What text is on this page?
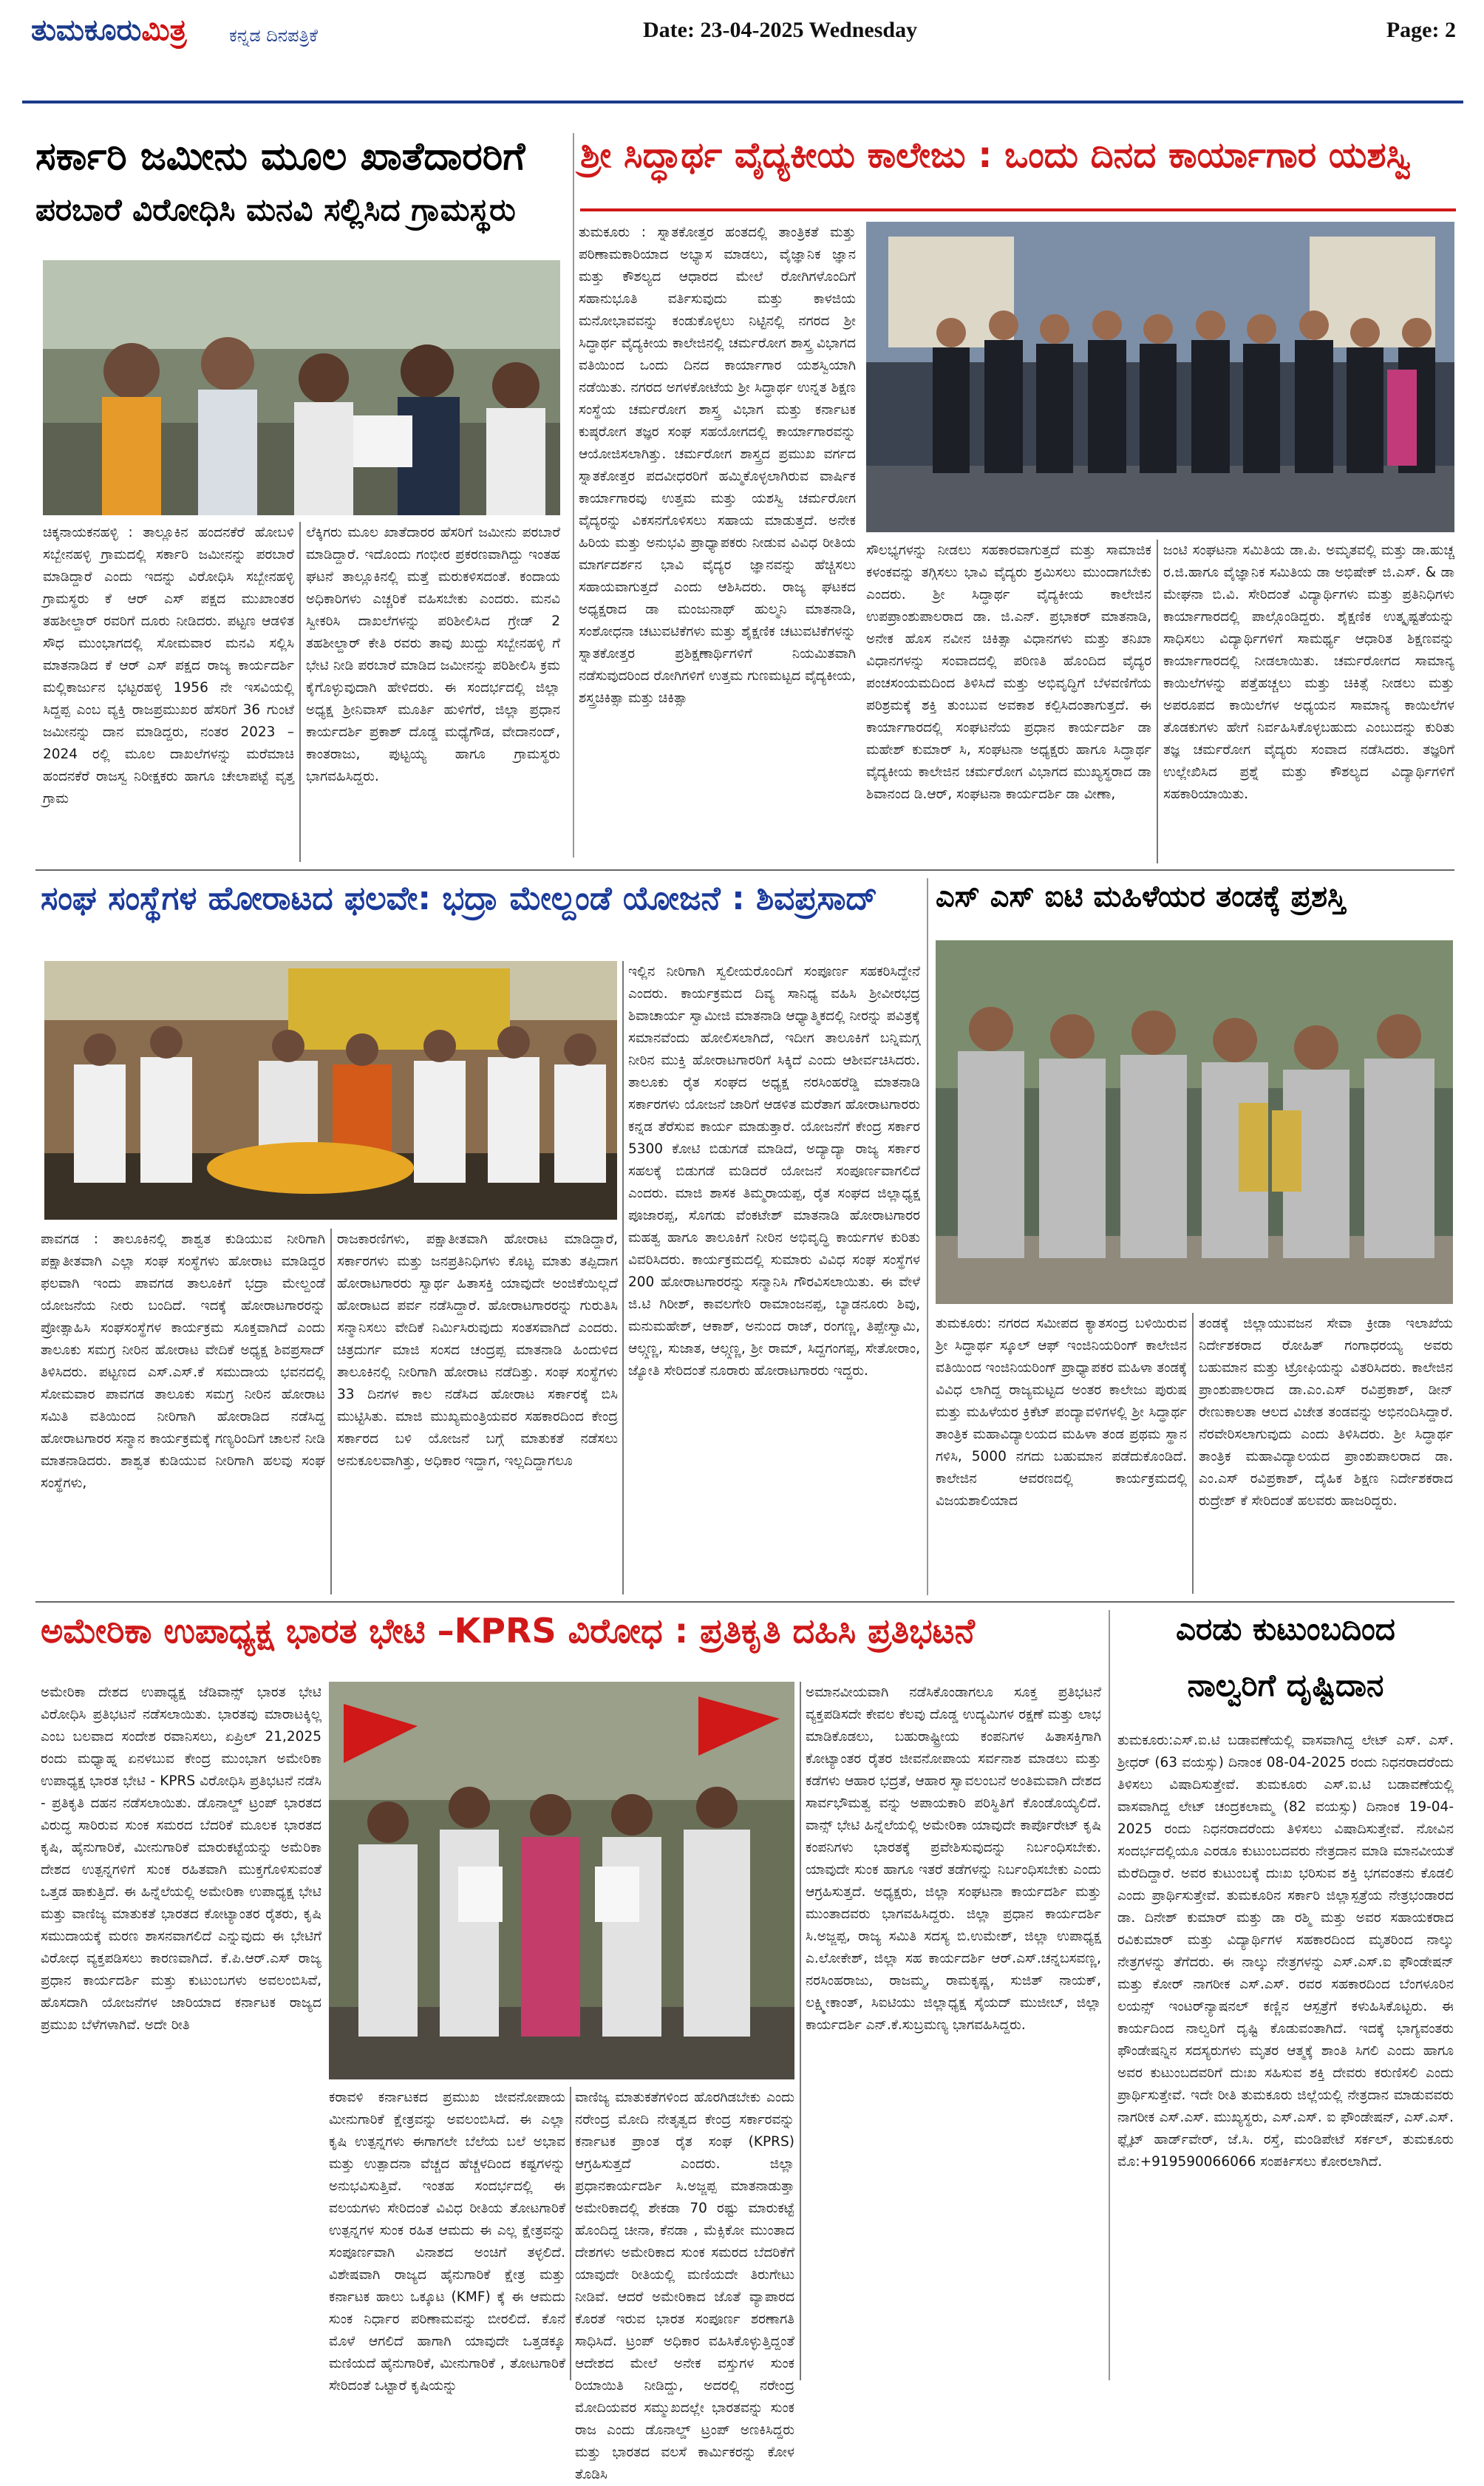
ತುಮಕೂರುಮಿತ್ರ ಕನ್ನಡ ದಿನಪತ್ರಿಕೆ	Date: 23-04-2025 Wednesday	Page: 2
ಸರ್ಕಾರಿ ಜಮೀನು ಮೂಲ ಖಾತೆದಾರರಿಗೆ
ಪರಬಾರೆ ವಿರೋಧಿಸಿ ಮನವಿ ಸಲ್ಲಿಸಿದ ಗ್ರಾಮಸ್ಥರು
ಚಿಕ್ಕನಾಯಕನಹಳ್ಳಿ : ತಾಲ್ಲೂಕಿನ ಹಂದನಕೆರೆ ಹೋಬಳಿ ಸಬ್ಬೇನಹಳ್ಳಿ ಗ್ರಾಮದಲ್ಲಿ ಸರ್ಕಾರಿ ಜಮೀನನ್ನು ಪರಬಾರೆ ಮಾಡಿದ್ದಾರೆ ಎಂದು ಇದನ್ನು ವಿರೋಧಿಸಿ ಸಬ್ಬೇನಹಳ್ಳಿ ಗ್ರಾಮಸ್ಥರು ಕೆ ಆರ್ ಎಸ್ ಪಕ್ಷದ ಮುಖಾಂತರ ತಹಶೀಲ್ದಾರ್ ರವರಿಗೆ ದೂರು ನೀಡಿದರು. ಪಟ್ಟಣ ಆಡಳಿತ ಸೌಧ ಮುಂಭಾಗದಲ್ಲಿ ಸೋಮವಾರ ಮನವಿ ಸಲ್ಲಿಸಿ ಮಾತನಾಡಿದ ಕೆ ಆರ್ ಎಸ್ ಪಕ್ಷದ ರಾಜ್ಯ ಕಾರ್ಯದರ್ಶಿ ಮಲ್ಲಿಕಾರ್ಜುನ ಭಟ್ಟರಹಳ್ಳಿ 1956 ನೇ ಇಸವಿಯಲ್ಲಿ ಸಿದ್ದಪ್ಪ ಎಂಬ ವ್ಯಕ್ತಿ ರಾಜಪ್ರಮುಖರ ಹೆಸರಿಗೆ 36 ಗುಂಟೆ ಜಮೀನನ್ನು ದಾನ ಮಾಡಿದ್ದರು, ನಂತರ 2023 – 2024 ರಲ್ಲಿ ಮೂಲ ದಾಖಲೆಗಳನ್ನು ಮರೆಮಾಚಿ ಹಂದನಕೆರೆ ರಾಜಸ್ವ ನಿರೀಕ್ಷಕರು ಹಾಗೂ ಚೇಲಾಪಟ್ಟೆ ವೃತ್ತ ಗ್ರಾಮ
ಲೆಕ್ಕಿಗರು ಮೂಲ ಖಾತೆದಾರರ ಹೆಸರಿಗೆ ಜಮೀನು ಪರಬಾರೆ ಮಾಡಿದ್ದಾರೆ. ಇದೊಂದು ಗಂಭೀರ ಪ್ರಕರಣವಾಗಿದ್ದು ಇಂತಹ ಘಟನೆ ತಾಲ್ಲೂಕಿನಲ್ಲಿ ಮತ್ತೆ ಮರುಕಳಿಸದಂತೆ. ಕಂದಾಯ ಅಧಿಕಾರಿಗಳು ಎಚ್ಚರಿಕೆ ವಹಿಸಬೇಕು ಎಂದರು. ಮನವಿ ಸ್ವೀಕರಿಸಿ ದಾಖಲೆಗಳನ್ನು ಪರಿಶೀಲಿಸಿದ ಗ್ರೇಡ್ 2 ತಹಶೀಲ್ದಾರ್ ಕೇತಿ ರವರು ತಾವು ಖುದ್ದು ಸಬ್ಬೇನಹಳ್ಳಿ ಗೆ ಭೇಟಿ ನೀಡಿ ಪರಬಾರೆ ಮಾಡಿದ ಜಮೀನನ್ನು ಪರಿಶೀಲಿಸಿ ಕ್ರಮ ಕೈಗೊಳ್ಳುವುದಾಗಿ ಹೇಳಿದರು. ಈ ಸಂದರ್ಭದಲ್ಲಿ ಜಿಲ್ಲಾ ಅಧ್ಯಕ್ಷ ಶ್ರೀನಿವಾಸ್ ಮೂರ್ತಿ ಹುಳಿಗೆರೆ, ಜಿಲ್ಲಾ ಪ್ರಧಾನ ಕಾರ್ಯದರ್ಶಿ ಪ್ರಕಾಶ್ ದೊಡ್ಡ ಮಧ್ಯೆಗೌಡ, ವೇದಾನಂದ್, ಕಾಂತರಾಜು, ಪುಟ್ಟಯ್ಯ ಹಾಗೂ ಗ್ರಾಮಸ್ಥರು ಭಾಗವಹಿಸಿದ್ದರು.
ಶ್ರೀ ಸಿದ್ಧಾರ್ಥ ವೈದ್ಯಕೀಯ ಕಾಲೇಜು : ಒಂದು ದಿನದ ಕಾರ್ಯಾಗಾರ ಯಶಸ್ವಿ
ತುಮಕೂರು : ಸ್ನಾತಕೋತ್ತರ ಹಂತದಲ್ಲಿ ತಾಂತ್ರಿಕತೆ ಮತ್ತು ಪರಿಣಾಮಕಾರಿಯಾದ ಅಭ್ಯಾಸ ಮಾಡಲು, ವೈಜ್ಞಾನಿಕ ಜ್ಞಾನ ಮತ್ತು ಕೌಶಲ್ಯದ ಆಧಾರದ ಮೇಲೆ ರೋಗಿಗಳೊಂದಿಗೆ ಸಹಾನುಭೂತಿ ವರ್ತಿಸುವುದು ಮತ್ತು ಕಾಳಜಿಯ ಮನೋಭಾವವನ್ನು ಕಂಡುಕೊಳ್ಳಲು ನಿಟ್ಟಿನಲ್ಲಿ ನಗರದ ಶ್ರೀ ಸಿದ್ಧಾರ್ಥ ವೈದ್ಯಕೀಯ ಕಾಲೇಜಿನಲ್ಲಿ ಚರ್ಮರೋಗ ಶಾಸ್ತ್ರ ವಿಭಾಗದ ವತಿಯಿಂದ ಒಂದು ದಿನದ ಕಾರ್ಯಾಗಾರ ಯಶಸ್ವಿಯಾಗಿ ನಡೆಯಿತು. ನಗರದ ಅಗಳಕೋಟೆಯ ಶ್ರೀ ಸಿದ್ಧಾರ್ಥ ಉನ್ನತ ಶಿಕ್ಷಣ ಸಂಸ್ಥೆಯ ಚರ್ಮರೋಗ ಶಾಸ್ತ್ರ ವಿಭಾಗ ಮತ್ತು ಕರ್ನಾಟಕ ಕುಷ್ಠರೋಗ ತಜ್ಞರ ಸಂಘ ಸಹಯೋಗದಲ್ಲಿ ಕಾರ್ಯಾಗಾರವನ್ನು ಆಯೋಜಿಸಲಾಗಿತ್ತು. ಚರ್ಮರೋಗ ಶಾಸ್ತ್ರದ ಪ್ರಮುಖ ವರ್ಗದ ಸ್ನಾತಕೋತ್ತರ ಪದವೀಧರರಿಗೆ ಹಮ್ಮಿಕೊಳ್ಳಲಾಗಿರುವ ವಾರ್ಷಿಕ ಕಾರ್ಯಾಗಾರವು ಉತ್ತಮ ಮತ್ತು ಯಶಸ್ವಿ ಚರ್ಮರೋಗ ವೈದ್ಯರನ್ನು ವಿಕಸನಗೊಳಿಸಲು ಸಹಾಯ ಮಾಡುತ್ತದೆ. ಅನೇಕ ಹಿರಿಯ ಮತ್ತು ಅನುಭವಿ ಪ್ರಾಧ್ಯಾಪಕರು ನೀಡುವ ವಿವಿಧ ರೀತಿಯ ಮಾರ್ಗದರ್ಶನ ಭಾವಿ ವೈದ್ಯರ ಜ್ಞಾನವನ್ನು ಹೆಚ್ಚಿಸಲು ಸಹಾಯವಾಗುತ್ತದೆ ಎಂದು ಆಶಿಸಿದರು. ರಾಜ್ಯ ಘಟಕದ ಅಧ್ಯಕ್ಷರಾದ ಡಾ ಮಂಜುನಾಥ್ ಹುಲ್ಮನಿ ಮಾತನಾಡಿ, ಸಂಶೋಧನಾ ಚಟುವಟಿಕೆಗಳು ಮತ್ತು ಶೈಕ್ಷಣಿಕ ಚಟುವಟಿಕೆಗಳನ್ನು ಸ್ನಾತಕೋತ್ತರ ಪ್ರಶಿಕ್ಷಣಾರ್ಥಿಗಳಿಗೆ ನಿಯಮಿತವಾಗಿ ನಡೆಸುವುದರಿಂದ ರೋಗಿಗಳಿಗೆ ಉತ್ತಮ ಗುಣಮಟ್ಟದ ವೈದ್ಯಕೀಯ, ಶಸ್ತ್ರಚಿಕಿತ್ಸಾ ಮತ್ತು ಚಿಕಿತ್ಸಾ
ಸೌಲಭ್ಯಗಳನ್ನು ನೀಡಲು ಸಹಕಾರವಾಗುತ್ತದೆ ಮತ್ತು ಸಾಮಾಜಿಕ ಕಳಂಕವನ್ನು ತಗ್ಗಿಸಲು ಭಾವಿ ವೈದ್ಯರು ಶ್ರಮಿಸಲು ಮುಂದಾಗಬೇಕು ಎಂದರು. ಶ್ರೀ ಸಿದ್ಧಾರ್ಥ ವೈದ್ಯಕೀಯ ಕಾಲೇಜಿನ ಉಪಪ್ರಾಂಶುಪಾಲರಾದ ಡಾ. ಜಿ.ಎನ್. ಪ್ರಭಾಕರ್ ಮಾತನಾಡಿ, ಅನೇಕ ಹೊಸ ನವೀನ ಚಿಕಿತ್ಸಾ ವಿಧಾನಗಳು ಮತ್ತು ತನಿಖಾ ವಿಧಾನಗಳನ್ನು ಸಂವಾದದಲ್ಲಿ ಪರಿಣತಿ ಹೊಂದಿದ ವೈದ್ಯರ ಪಂಚಸಂಯಮದಿಂದ ತಿಳಿಸಿದೆ ಮತ್ತು ಅಭಿವೃದ್ಧಿಗೆ ಬೆಳವಣಿಗೆಯ ಪರಿಶ್ರಮಕ್ಕೆ ಶಕ್ತಿ ತುಂಬುವ ಅವಕಾಶ ಕಲ್ಪಿಸಿದಂತಾಗುತ್ತದೆ. ಈ ಕಾರ್ಯಾಗಾರದಲ್ಲಿ ಸಂಘಟನೆಯ ಪ್ರಧಾನ ಕಾರ್ಯದರ್ಶಿ ಡಾ ಮಹೇಶ್ ಕುಮಾರ್ ಸಿ, ಸಂಘಟನಾ ಅಧ್ಯಕ್ಷರು ಹಾಗೂ ಸಿದ್ಧಾರ್ಥ ವೈದ್ಯಕೀಯ ಕಾಲೇಜಿನ ಚರ್ಮರೋಗ ವಿಭಾಗದ ಮುಖ್ಯಸ್ಥರಾದ ಡಾ ಶಿವಾನಂದ ಡಿ.ಆರ್, ಸಂಘಟನಾ ಕಾರ್ಯದರ್ಶಿ ಡಾ ವೀಣಾ,
ಜಂಟಿ ಸಂಘಟನಾ ಸಮಿತಿಯ ಡಾ.ಪಿ. ಅಮೃತವಲ್ಲಿ ಮತ್ತು ಡಾ.ಹುಚ್ಚ ರ.ಜಿ.ಹಾಗೂ ವೈಜ್ಞಾನಿಕ ಸಮಿತಿಯ ಡಾ ಅಭಿಷೇಕ್ ಜಿ.ಎಸ್. & ಡಾ ಮೇಘನಾ ಬಿ.ವಿ. ಸೇರಿದಂತೆ ವಿದ್ಯಾರ್ಥಿಗಳು ಮತ್ತು ಪ್ರತಿನಿಧಿಗಳು ಕಾರ್ಯಾಗಾರದಲ್ಲಿ ಪಾಲ್ಗೊಂಡಿದ್ದರು. ಶೈಕ್ಷಣಿಕ ಉತ್ಕೃಷ್ಟತೆಯನ್ನು ಸಾಧಿಸಲು ವಿದ್ಯಾರ್ಥಿಗಳಿಗೆ ಸಾಮರ್ಥ್ಯ ಆಧಾರಿತ ಶಿಕ್ಷಣವನ್ನು ಕಾರ್ಯಾಗಾರದಲ್ಲಿ ನೀಡಲಾಯಿತು. ಚರ್ಮರೋಗದ ಸಾಮಾನ್ಯ ಕಾಯಿಲೆಗಳನ್ನು ಪತ್ತೆಹಚ್ಚಲು ಮತ್ತು ಚಿಕಿತ್ಸೆ ನೀಡಲು ಮತ್ತು ಅಪರೂಪದ ಕಾಯಿಲೆಗಳ ಅಧ್ಯಯನ ಸಾಮಾನ್ಯ ಕಾಯಿಲೆಗಳ ತೊಡಕುಗಳು ಹೇಗೆ ನಿರ್ವಹಿಸಿಕೊಳ್ಳಬಹುದು ಎಂಬುದನ್ನು ಕುರಿತು ತಜ್ಞ ಚರ್ಮರೋಗ ವೈದ್ಯರು ಸಂವಾದ ನಡೆಸಿದರು. ತಜ್ಞರಿಗೆ ಉಲ್ಲೇಖಿಸಿದ ಪ್ರಶ್ನೆ ಮತ್ತು ಕೌಶಲ್ಯದ ವಿದ್ಯಾರ್ಥಿಗಳಿಗೆ ಸಹಕಾರಿಯಾಯಿತು.
ಸಂಘ ಸಂಸ್ಥೆಗಳ ಹೋರಾಟದ ಫಲವೇ: ಭದ್ರಾ ಮೇಲ್ದಂಡೆ ಯೋಜನೆ : ಶಿವಪ್ರಸಾದ್
ಪಾವಗಡ : ತಾಲೂಕಿನಲ್ಲಿ ಶಾಶ್ವತ ಕುಡಿಯುವ ನೀರಿಗಾಗಿ ಪಕ್ಷಾತೀತವಾಗಿ ಎಲ್ಲಾ ಸಂಘ ಸಂಸ್ಥೆಗಳು ಹೋರಾಟ ಮಾಡಿದ್ದರ ಫಲವಾಗಿ ಇಂದು ಪಾವಗಡ ತಾಲೂಕಿಗೆ ಭದ್ರಾ ಮೇಲ್ದಂಡೆ ಯೋಜನೆಯ ನೀರು ಬಂದಿದೆ. ಇದಕ್ಕೆ ಹೋರಾಟಗಾರರನ್ನು ಪ್ರೋತ್ಸಾಹಿಸಿ ಸಂಘಸಂಸ್ಥೆಗಳ ಕಾರ್ಯಕ್ರಮ ಸೂಕ್ತವಾಗಿದೆ ಎಂದು ತಾಲೂಕು ಸಮಗ್ರ ನೀರಿನ ಹೋರಾಟ ವೇದಿಕೆ ಅಧ್ಯಕ್ಷ ಶಿವಪ್ರಸಾದ್ ತಿಳಿಸಿದರು. ಪಟ್ಟಣದ ಎಸ್.ಎಸ್.ಕೆ ಸಮುದಾಯ ಭವನದಲ್ಲಿ ಸೋಮವಾರ ಪಾವಗಡ ತಾಲೂಕು ಸಮಗ್ರ ನೀರಿನ ಹೋರಾಟ ಸಮಿತಿ ವತಿಯಿಂದ ನೀರಿಗಾಗಿ ಹೋರಾಡಿದ ನಡೆಸಿದ್ದ ಹೋರಾಟಗಾರರ ಸನ್ಮಾನ ಕಾರ್ಯಕ್ರಮಕ್ಕೆ ಗಣ್ಯರಿಂದಿಗೆ ಚಾಲನೆ ನೀಡಿ ಮಾತನಾಡಿದರು. ಶಾಶ್ವತ ಕುಡಿಯುವ ನೀರಿಗಾಗಿ ಹಲವು ಸಂಘ ಸಂಸ್ಥೆಗಳು,
ರಾಜಕಾರಣಿಗಳು, ಪಕ್ಷಾತೀತವಾಗಿ ಹೋರಾಟ ಮಾಡಿದ್ದಾರೆ, ಸರ್ಕಾರಗಳು ಮತ್ತು ಜನಪ್ರತಿನಿಧಿಗಳು ಕೊಟ್ಟ ಮಾತು ತಪ್ಪಿದಾಗ ಹೋರಾಟಗಾರರು ಸ್ವಾರ್ಥ ಹಿತಾಸಕ್ತಿ ಯಾವುದೇ ಅಂಜಿಕೆಯಿಲ್ಲದೆ ಹೋರಾಟದ ಪರ್ವ ನಡೆಸಿದ್ದಾರೆ. ಹೋರಾಟಗಾರರನ್ನು ಗುರುತಿಸಿ ಸನ್ಮಾನಿಸಲು ವೇದಿಕೆ ನಿರ್ಮಿಸಿರುವುದು ಸಂತಸವಾಗಿದೆ ಎಂದರು. ಚಿತ್ರದುರ್ಗ ಮಾಜಿ ಸಂಸದ ಚಂದ್ರಪ್ಪ ಮಾತನಾಡಿ ಹಿಂದುಳಿದ ತಾಲೂಕಿನಲ್ಲಿ ನೀರಿಗಾಗಿ ಹೋರಾಟ ನಡೆದಿತ್ತು. ಸಂಘ ಸಂಸ್ಥೆಗಳು 33 ದಿನಗಳ ಕಾಲ ನಡೆಸಿದ ಹೋರಾಟ ಸರ್ಕಾರಕ್ಕೆ ಬಿಸಿ ಮುಟ್ಟಿಸಿತು. ಮಾಜಿ ಮುಖ್ಯಮಂತ್ರಿಯವರ ಸಹಕಾರದಿಂದ ಕೇಂದ್ರ ಸರ್ಕಾರದ ಬಳಿ ಯೋಜನೆ ಬಗ್ಗೆ ಮಾತುಕತೆ ನಡೆಸಲು ಅನುಕೂಲವಾಗಿತ್ತು, ಅಧಿಕಾರ ಇದ್ದಾಗ, ಇಲ್ಲದಿದ್ದಾಗಲೂ
ಇಲ್ಲಿನ ನೀರಿಗಾಗಿ ಸ್ವಲೀಯರೊಂದಿಗೆ ಸಂಪೂರ್ಣ ಸಹಕರಿಸಿದ್ದೇನೆ ಎಂದರು. ಕಾರ್ಯಕ್ರಮದ ದಿವ್ಯ ಸಾನಿಧ್ಯ ವಹಿಸಿ ಶ್ರೀವೀರಭದ್ರ ಶಿವಾಚಾರ್ಯ ಸ್ವಾಮೀಜಿ ಮಾತನಾಡಿ ಆಧ್ಯಾತ್ಮಿಕದಲ್ಲಿ ನೀರನ್ನು ಪವಿತ್ರಕ್ಕೆ ಸಮಾನವೆಂದು ಹೋಲಿಸಲಾಗಿದೆ, ಇದೀಗ ತಾಲೂಕಿಗೆ ಬನ್ನಿಮಗ್ಗ ನೀರಿನ ಮುಕ್ತಿ ಹೋರಾಟಗಾರರಿಗೆ ಸಿಕ್ಕಿದೆ ಎಂದು ಆಶೀರ್ವಚಿಸಿದರು. ತಾಲೂಕು ರೈತ ಸಂಘದ ಅಧ್ಯಕ್ಷ ನರಸಿಂಹರೆಡ್ಡಿ ಮಾತನಾಡಿ ಸರ್ಕಾರಗಳು ಯೋಜನೆ ಜಾರಿಗೆ ಆಡಳಿತ ಮರೆತಾಗ ಹೋರಾಟಗಾರರು ಕನ್ನಡ ತೆರೆಸುವ ಕಾರ್ಯ ಮಾಡುತ್ತಾರೆ. ಯೋಜನೆಗೆ ಕೇಂದ್ರ ಸರ್ಕಾರ 5300 ಕೋಟಿ ಬಿಡುಗಡೆ ಮಾಡಿದೆ, ಅದ್ಯಾದ್ಯಾ ರಾಜ್ಯ ಸರ್ಕಾರ ಸಹಲಕ್ಕೆ ಬಿಡುಗಡೆ ಮಡಿದರೆ ಯೋಜನೆ ಸಂಪೂರ್ಣವಾಗಲಿದೆ ಎಂದರು. ಮಾಜಿ ಶಾಸಕ ತಿಮ್ಮರಾಯಪ್ಪ, ರೈತ ಸಂಘದ ಜಿಲ್ಲಾಧ್ಯಕ್ಷ ಪೂಜಾರಪ್ಪ, ಸೊಗಡು ವೆಂಕಟೇಶ್ ಮಾತನಾಡಿ ಹೋರಾಟಗಾರರ ಮಹತ್ವ ಹಾಗೂ ತಾಲೂಕಿಗೆ ನೀರಿನ ಅಭಿವೃದ್ಧಿ ಕಾರ್ಯಗಳ ಕುರಿತು ವಿವರಿಸಿದರು. ಕಾರ್ಯಕ್ರಮದಲ್ಲಿ ಸುಮಾರು ವಿವಿಧ ಸಂಘ ಸಂಸ್ಥೆಗಳ 200 ಹೋರಾಟಗಾರರನ್ನು ಸನ್ಮಾನಿಸಿ ಗೌರವಿಸಲಾಯಿತು. ಈ ವೇಳೆ ಜಿ.ಟಿ ಗಿರೀಶ್, ಕಾವಲಗೇರಿ ರಾಮಾಂಜನಪ್ಪ, ಬ್ಯಾಡನೂರು ಶಿವು, ಮನುಮಹೇಶ್, ಆಕಾಶ್, ಅನುಂದ ರಾಜ್, ರಂಗಣ್ಣ, ತಿಪ್ಪೇಸ್ವಾಮಿ, ಆಲ್ಗ್ಲಣ್ಣ, ಸುಜಾತ, ಆಲ್ಗ್ಲಣ್ಣ, ಶ್ರೀ ರಾಮ್, ಸಿದ್ದಗಂಗಪ್ಪ, ಸೇತೋರಾಂ, ಜ್ಯೋತಿ ಸೇರಿದಂತೆ ನೂರಾರು ಹೋರಾಟಗಾರರು ಇದ್ದರು.
ಎಸ್ ಎಸ್ ಐಟಿ ಮಹಿಳೆಯರ ತಂಡಕ್ಕೆ ಪ್ರಶಸ್ತಿ
ತುಮಕೂರು: ನಗರದ ಸಮೀಪದ ಕ್ಯಾತಸಂದ್ರ ಬಳಿಯಿರುವ ಶ್ರೀ ಸಿದ್ಧಾರ್ಥ ಸ್ಕೂಲ್ ಆಫ್ ಇಂಜಿನಿಯರಿಂಗ್ ಕಾಲೇಜಿನ ವತಿಯಿಂದ ಇಂಜಿನಿಯರಿಂಗ್ ಪ್ರಾಧ್ಯಾಪಕರ ಮಹಿಳಾ ತಂಡಕ್ಕೆ ವಿವಿಧ ಲಾಗಿದ್ದ ರಾಜ್ಯಮಟ್ಟದ ಅಂತರ ಕಾಲೇಜು ಪುರುಷ ಮತ್ತು ಮಹಿಳೆಯರ ಕ್ರಿಕೆಟ್ ಪಂದ್ಯಾವಳಿಗಳಲ್ಲಿ ಶ್ರೀ ಸಿದ್ಧಾರ್ಥ ತಾಂತ್ರಿಕ ಮಹಾವಿದ್ಯಾಲಯದ ಮಹಿಳಾ ತಂಡ ಪ್ರಥಮ ಸ್ಥಾನ ಗಳಿಸಿ, 5000 ನಗದು ಬಹುಮಾನ ಪಡೆದುಕೊಂಡಿದೆ. ಕಾಲೇಜಿನ ಆವರಣದಲ್ಲಿ ಕಾರ್ಯಕ್ರಮದಲ್ಲಿ ವಿಜಯಶಾಲಿಯಾದ
ತಂಡಕ್ಕೆ ಜಿಲ್ಲಾಯುವಜನ ಸೇವಾ ಕ್ರೀಡಾ ಇಲಾಖೆಯ ನಿರ್ದೇಶಕರಾದ ರೋಹಿತ್ ಗಂಗಾಧರಯ್ಯ ಅವರು ಬಹುಮಾನ ಮತ್ತು ಟ್ರೋಫಿಯನ್ನು ವಿತರಿಸಿದರು. ಕಾಲೇಜಿನ ಪ್ರಾಂಶುಪಾಲರಾದ ಡಾ.ಎಂ.ಎಸ್ ರವಿಪ್ರಕಾಶ್, ಡೀನ್ ರೇಣುಕಾಲತಾ ಆಲದ ವಿಜೇತ ತಂಡವನ್ನು ಅಭಿನಂದಿಸಿದ್ದಾರೆ. ನೆರವೇರಿಸಲಾಗುವುದು ಎಂದು ತಿಳಿಸಿದರು. ಶ್ರೀ ಸಿದ್ಧಾರ್ಥ ತಾಂತ್ರಿಕ ಮಹಾವಿದ್ಯಾಲಯದ ಪ್ರಾಂಶುಪಾಲರಾದ ಡಾ. ಎಂ.ಎಸ್ ರವಿಪ್ರಕಾಶ್, ದೈಹಿಕ ಶಿಕ್ಷಣ ನಿರ್ದೇಶಕರಾದ ರುದ್ರೇಶ್ ಕೆ ಸೇರಿದಂತೆ ಹಲವರು ಹಾಜರಿದ್ದರು.
ಅಮೇರಿಕಾ ಉಪಾಧ್ಯಕ್ಷ ಭಾರತ ಭೇಟಿ –KPRS ವಿರೋಧ : ಪ್ರತಿಕೃತಿ ದಹಿಸಿ ಪ್ರತಿಭಟನೆ
ಅಮೇರಿಕಾ ದೇಶದ ಉಪಾಧ್ಯಕ್ಷ ಜೆಡಿವಾನ್ಸ್ ಭಾರತ ಭೇಟಿ ವಿರೋಧಿಸಿ ಪ್ರತಿಭಟನೆ ನಡೆಸಲಾಯಿತು. ಭಾರತವು ಮಾರಾಟಕ್ಕಿಲ್ಲ ಎಂಬ ಬಲವಾದ ಸಂದೇಶ ರವಾನಿಸಲು, ಏಪ್ರಿಲ್ 21,2025 ರಂದು ಮಧ್ಯಾಹ್ನ ಏನಳಬುವ ಕೇಂದ್ರ ಮುಂಭಾಗ ಅಮೇರಿಕಾ ಉಪಾಧ್ಯಕ್ಷ ಭಾರತ ಭೇಟಿ - KPRS ವಿರೋಧಿಸಿ ಪ್ರತಿಭಟನೆ ನಡೆಸಿ - ಪ್ರತಿಕೃತಿ ದಹನ ನಡೆಸಲಾಯಿತು. ಡೊನಾಲ್ಡ್ ಟ್ರಂಪ್ ಭಾರತದ ವಿರುದ್ಧ ಸಾರಿರುವ ಸುಂಕ ಸಮರದ ಬೆದರಿಕೆ ಮೂಲಕ ಭಾರತದ ಕೃಷಿ, ಹೈನುಗಾರಿಕೆ, ಮೀನುಗಾರಿಕೆ ಮಾರುಕಟ್ಟೆಯನ್ನು ಅಮೆರಿಕಾ ದೇಶದ ಉತ್ಪನ್ನಗಳಿಗೆ ಸುಂಕ ರಹಿತವಾಗಿ ಮುಕ್ತಗೊಳಿಸುವಂತೆ ಒತ್ತಡ ಹಾಕುತ್ತಿದೆ. ಈ ಹಿನ್ನೆಲೆಯಲ್ಲಿ ಅಮೇರಿಕಾ ಉಪಾಧ್ಯಕ್ಷ ಭೇಟಿ ಮತ್ತು ವಾಣಿಜ್ಯ ಮಾತುಕತೆ ಭಾರತದ ಕೋಟ್ಯಾಂತರ ರೈತರು, ಕೃಷಿ ಸಮುದಾಯಕ್ಕೆ ಮರಣ ಶಾಸನವಾಗಲಿದೆ ಎನ್ನುವುದು ಈ ಭೇಟಿಗೆ ವಿರೋಧ ವ್ಯಕ್ತಪಡಿಸಲು ಕಾರಣವಾಗಿದೆ. ಕೆ.ಪಿ.ಆರ್.ಎಸ್ ರಾಜ್ಯ ಪ್ರಧಾನ ಕಾರ್ಯದರ್ಶಿ ಮತ್ತು ಕುಟುಂಬಗಳು ಅವಲಂಬಿಸಿವೆ, ಹೊಸದಾಗಿ ಯೋಜನೆಗಳ ಜಾರಿಯಾದ ಕರ್ನಾಟಕ ರಾಜ್ಯದ ಪ್ರಮುಖ ಬೆಳೆಗಳಾಗಿವೆ. ಅದೇ ರೀತಿ
ಕರಾವಳಿ ಕರ್ನಾಟಕದ ಪ್ರಮುಖ ಜೀವನೋಪಾಯ ಮೀನುಗಾರಿಕೆ ಕ್ಷೇತ್ರವನ್ನು ಅವಲಂಬಿಸಿದೆ. ಈ ಎಲ್ಲಾ ಕೃಷಿ ಉತ್ಪನ್ನಗಳು ಈಗಾಗಲೇ ಬೆಲೆಯ ಬಲೆ ಅಭಾವ ಮತ್ತು ಉತ್ಪಾದನಾ ವೆಚ್ಚದ ಹೆಚ್ಚಳದಿಂದ ಕಷ್ಟಗಳನ್ನು ಅನುಭವಿಸುತ್ತಿವೆ. ಇಂತಹ ಸಂದರ್ಭದಲ್ಲಿ ಈ ವಲಯಗಳು ಸೇರಿದಂತೆ ವಿವಿಧ ರೀತಿಯ ತೋಟಗಾರಿಕೆ ಉತ್ಪನ್ನಗಳ ಸುಂಕ ರಹಿತ ಆಮದು ಈ ಎಲ್ಲ ಕ್ಷೇತ್ರವನ್ನು ಸಂಪೂರ್ಣವಾಗಿ ವಿನಾಶದ ಅಂಚಿಗೆ ತಳ್ಳಲಿದೆ. ವಿಶೇಷವಾಗಿ ರಾಜ್ಯದ ಹೈನುಗಾರಿಕೆ ಕ್ಷೇತ್ರ ಮತ್ತು ಕರ್ನಾಟಕ ಹಾಲು ಒಕ್ಕೂಟ (KMF) ಕ್ಕೆ ಈ ಆಮದು ಸುಂಕ ನಿರ್ಧಾರ ಪರಿಣಾಮವನ್ನು ಬೀರಲಿದೆ. ಕೊನೆ ಮೊಳೆ ಆಗಲಿದೆ ಹಾಗಾಗಿ ಯಾವುದೇ ಒತ್ತಡಕ್ಕೂ ಮಣಿಯದೆ ಹೈನುಗಾರಿಕೆ, ಮೀನುಗಾರಿಕೆ , ತೋಟಗಾರಿಕೆ ಸೇರಿದಂತೆ ಒಟ್ಟಾರೆ ಕೃಷಿಯನ್ನು
ವಾಣಿಜ್ಯ ಮಾತುಕತೆಗಳಿಂದ ಹೊರಗಿಡಬೇಕು ಎಂದು ನರೇಂದ್ರ ಮೋದಿ ನೇತೃತ್ವದ ಕೇಂದ್ರ ಸರ್ಕಾರವನ್ನು ಕರ್ನಾಟಕ ಪ್ರಾಂತ ರೈತ ಸಂಘ (KPRS) ಆಗ್ರಹಿಸುತ್ತದೆ ಎಂದರು. ಜಿಲ್ಲಾ ಪ್ರಧಾನಕಾರ್ಯದರ್ಶಿ ಸಿ.ಅಜ್ಜಪ್ಪ ಮಾತನಾಡುತ್ತಾ ಅಮೇರಿಕಾದಲ್ಲಿ ಶೇಕಡಾ 70 ರಷ್ಟು ಮಾರುಕಟ್ಟೆ ಹೊಂದಿದ್ದ ಚೀನಾ, ಕೆನಡಾ , ಮೆಕ್ಸಿಕೋ ಮುಂತಾದ ದೇಶಗಳು ಅಮೇರಿಕಾದ ಸುಂಕ ಸಮರದ ಬೆದರಿಕೆಗೆ ಯಾವುದೇ ರೀತಿಯಲ್ಲಿ ಮಣಿಯದೇ ತಿರುಗೇಟು ನೀಡಿವೆ. ಆದರೆ ಅಮೇರಿಕಾದ ಜೊತೆ ವ್ಯಾಪಾರದ ಕೊರತೆ ಇರುವ ಭಾರತ ಸಂಪೂರ್ಣ ಶರಣಾಗತಿ ಸಾಧಿಸಿದೆ. ಟ್ರಂಪ್ ಅಧಿಕಾರ ವಹಿಸಿಕೊಳ್ಳುತ್ತಿದ್ದಂತೆ ಆದೇಶದ ಮೇಲೆ ಅನೇಕ ವಸ್ತುಗಳ ಸುಂಕ ರಿಯಾಯಿತಿ ನೀಡಿದ್ದು, ಅದರಲ್ಲಿ ನರೇಂದ್ರ ಮೋದಿಯವರ ಸಮ್ಮುಖದಲ್ಲೇ ಭಾರತವನ್ನು ಸುಂಕ ರಾಜ ಎಂದು ಡೊನಾಲ್ಡ್ ಟ್ರಂಪ್ ಅಣಕಿಸಿದ್ದರು ಮತ್ತು ಭಾರತದ ವಲಸೆ ಕಾರ್ಮಿಕರನ್ನು ಕೋಳ ತೊಡಿಸಿ
ಅಮಾನವೀಯವಾಗಿ ನಡೆಸಿಕೊಂಡಾಗಲೂ ಸೂಕ್ತ ಪ್ರತಿಭಟನೆ ವ್ಯಕ್ತಪಡಿಸದೇ ಕೇವಲ ಕೆಲವು ದೊಡ್ಡ ಉದ್ಯಮಿಗಳ ರಕ್ಷಣೆ ಮತ್ತು ಲಾಭ ಮಾಡಿಕೊಡಲು, ಬಹುರಾಷ್ಟ್ರೀಯ ಕಂಪನಿಗಳ ಹಿತಾಸಕ್ತಿಗಾಗಿ ಕೋಟ್ಯಾಂತರ ರೈತರ ಜೀವನೋಪಾಯ ಸರ್ವನಾಶ ಮಾಡಲು ಮತ್ತು ಕಡೆಗಳು ಆಹಾರ ಭದ್ರತೆ, ಆಹಾರ ಸ್ವಾವಲಂಬನೆ ಅಂತಿಮವಾಗಿ ದೇಶದ ಸಾರ್ವಭೌಮತ್ವ ವನ್ನು ಅಪಾಯಕಾರಿ ಪರಿಸ್ಥಿತಿಗೆ ಕೊಂಡೊಯ್ಯಲಿದೆ. ವಾನ್ಸ್ ಭೇಟಿ ಹಿನ್ನೆಲೆಯಲ್ಲಿ ಅಮೇರಿಕಾ ಯಾವುದೇ ಕಾರ್ಪೊರೇಟ್ ಕೃಷಿ ಕಂಪನಿಗಳು ಭಾರತಕ್ಕೆ ಪ್ರವೇಶಿಸುವುದನ್ನು ನಿರ್ಬಂಧಿಸಬೇಕು. ಯಾವುದೇ ಸುಂಕ ಹಾಗೂ ಇತರೆ ತಡೆಗಳನ್ನು ನಿರ್ಬಂಧಿಸಬೇಕು ಎಂದು ಆಗ್ರಹಿಸುತ್ತದೆ. ಅಧ್ಯಕ್ಷರು, ಜಿಲ್ಲಾ ಸಂಘಟನಾ ಕಾರ್ಯದರ್ಶಿ ಮತ್ತು ಮುಂತಾದವರು ಭಾಗವಹಿಸಿದ್ದರು. ಜಿಲ್ಲಾ ಪ್ರಧಾನ ಕಾರ್ಯದರ್ಶಿ ಸಿ.ಅಜ್ಜಪ್ಪ, ರಾಜ್ಯ ಸಮಿತಿ ಸದಸ್ಯ ಬಿ.ಉಮೇಶ್, ಜಿಲ್ಲಾ ಉಪಾಧ್ಯಕ್ಷ ಎ.ಲೋಕೇಶ್, ಜಿಲ್ಲಾ ಸಹ ಕಾರ್ಯದರ್ಶಿ ಆರ್.ಎಸ್.ಚನ್ನಬಸವಣ್ಣ, ನರಸಿಂಹರಾಜು, ರಾಜಮ್ಮ, ರಾಮಕೃಷ್ಣ, ಸುಜಿತ್ ನಾಯಕ್, ಲಕ್ಷ್ಮೀಕಾಂತ್, ಸಿಐಟಿಯು ಜಿಲ್ಲಾಧ್ಯಕ್ಷ ಸೈಯದ್ ಮುಜೀಬ್, ಜಿಲ್ಲಾ ಕಾರ್ಯದರ್ಶಿ ಎನ್.ಕೆ.ಸುಬ್ರಮಣ್ಯ ಭಾಗವಹಿಸಿದ್ದರು.
ಎರಡು ಕುಟುಂಬದಿಂದ
ನಾಲ್ವರಿಗೆ ದೃಷ್ಟಿದಾನ
ತುಮಕೂರು:ಎಸ್.ಐ.ಟಿ ಬಡಾವಣೆಯಲ್ಲಿ ವಾಸವಾಗಿದ್ದ ಲೇಟ್ ಎಸ್. ಎಸ್. ಶ್ರೀಧರ್ (63 ವಯಸ್ಸು) ದಿನಾಂಕ 08-04-2025 ರಂದು ನಿಧನರಾದರೆಂದು ತಿಳಿಸಲು ವಿಷಾದಿಸುತ್ತೇವೆ. ತುಮಕೂರು ಎಸ್.ಐ.ಟಿ ಬಡಾವಣೆಯಲ್ಲಿ ವಾಸವಾಗಿದ್ದ ಲೇಟ್ ಚಂದ್ರಕಲಾಮ್ಮ (82 ವಯಸ್ಸು) ದಿನಾಂಕ 19-04-2025 ರಂದು ನಿಧನರಾದರೆಂದು ತಿಳಿಸಲು ವಿಷಾದಿಸುತ್ತೇವೆ. ನೋವಿನ ಸಂದರ್ಭದಲ್ಲಿಯೂ ಎರಡೂ ಕುಟುಂಬದವರು ನೇತ್ರದಾನ ಮಾಡಿ ಮಾನವೀಯತೆ ಮೆರೆದಿದ್ದಾರೆ. ಅವರ ಕುಟುಂಬಕ್ಕೆ ದುಃಖ ಭರಿಸುವ ಶಕ್ತಿ ಭಗವಂತನು ಕೊಡಲಿ ಎಂದು ಪ್ರಾರ್ಥಿಸುತ್ತೇವೆ. ತುಮಕೂರಿನ ಸರ್ಕಾರಿ ಜಿಲ್ಲಾಸ್ಪತ್ರೆಯ ನೇತ್ರಭಂಡಾರದ ಡಾ. ದಿನೇಶ್ ಕುಮಾರ್ ಮತ್ತು ಡಾ ರಶ್ಮಿ ಮತ್ತು ಅವರ ಸಹಾಯಕರಾದ ರವಿಕುಮಾರ್ ಮತ್ತು ವಿದ್ಯಾರ್ಥಿಗಳ ಸಹಕಾರದಿಂದ ಮೃತರಿಂದ ನಾಲ್ಕು ನೇತ್ರಗಳನ್ನು ತೆಗೆದರು. ಈ ನಾಲ್ಕು ನೇತ್ರಗಳನ್ನು ಎಸ್.ಎಸ್.ಐ ಫೌಂಡೇಷನ್ ಮತ್ತು ಕೋರ್ ನಾಗರೀಕ ಎಸ್.ಎಸ್. ರವರ ಸಹಕಾರದಿಂದ ಬೆಂಗಳೂರಿನ ಲಯನ್ಸ್ ಇಂಟರ್‌ನ್ಯಾಷನಲ್ ಕಣ್ಣಿನ ಆಸ್ಪತ್ರೆಗೆ ಕಳುಹಿಸಿಕೊಟ್ಟರು. ಈ ಕಾರ್ಯದಿಂದ ನಾಲ್ವರಿಗೆ ದೃಷ್ಟಿ ಕೊಡುವಂತಾಗಿದೆ. ಇದಕ್ಕೆ ಭಾಗ್ಯವಂತರು ಫೌಂಡೇಷನ್ನಿನ ಸದಸ್ಯರುಗಳು ಮೃತರ ಆತ್ಮಕ್ಕೆ ಶಾಂತಿ ಸಿಗಲಿ ಎಂದು ಹಾಗೂ ಅವರ ಕುಟುಂಬದವರಿಗೆ ದುಃಖ ಸಹಿಸುವ ಶಕ್ತಿ ದೇವರು ಕರುಣಿಸಲಿ ಎಂದು ಪ್ರಾರ್ಥಿಸುತ್ತೇವೆ. ಇದೇ ರೀತಿ ತುಮಕೂರು ಜಿಲ್ಲೆಯಲ್ಲಿ ನೇತ್ರದಾನ ಮಾಡುವವರು ನಾಗರೀಕ ಎಸ್.ಎಸ್. ಮುಖ್ಯಸ್ಥರು, ಎಸ್.ಎಸ್. ಐ ಫೌಂಡೇಷನ್, ಎಸ್.ಎಸ್. ಫ್ಲೈಟ್ ಹಾರ್ಡ್‌ವೇರ್, ಜೆ.ಸಿ. ರಸ್ತೆ, ಮಂಡಿಪೇಟೆ ಸರ್ಕಲ್, ತುಮಕೂರು ಮೊ:+919590066066 ಸಂಪರ್ಕಿಸಲು ಕೋರಲಾಗಿದೆ.
